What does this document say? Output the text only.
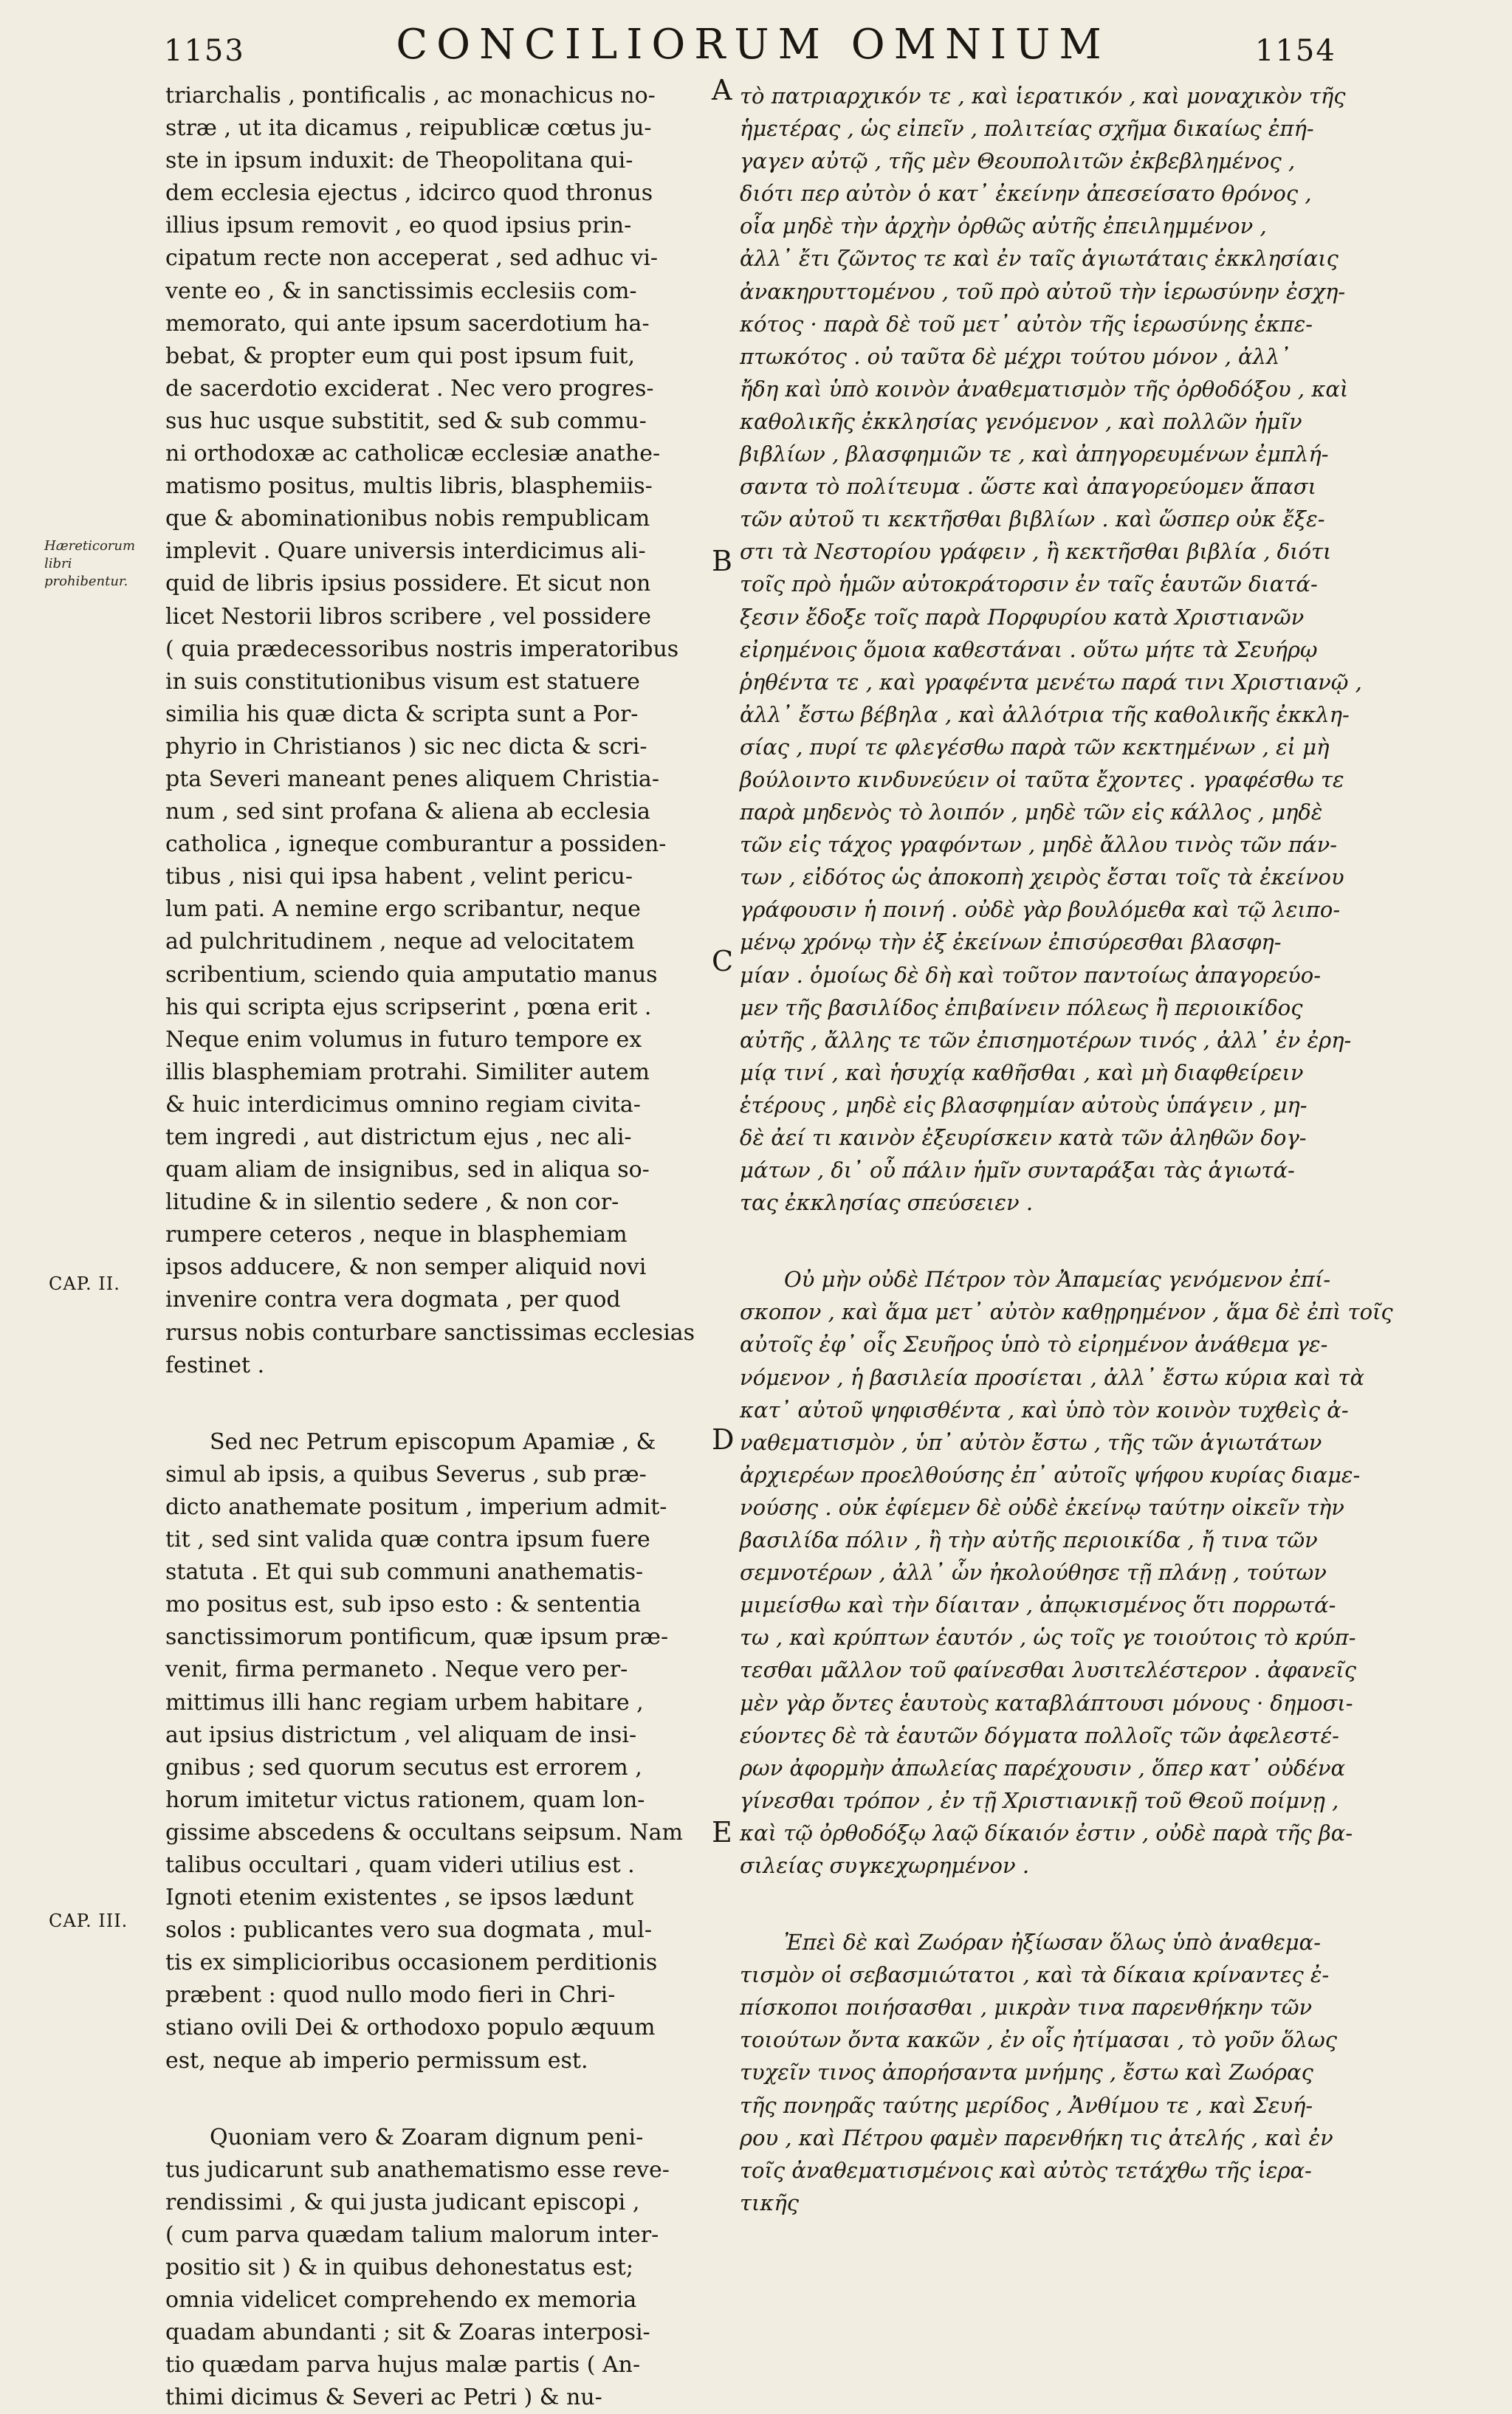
1153	CONCILIORUM OMNIUM	1154
Hæreticorum libri prohibentur.
CAP. II.
CAP. III.
A
B
C
D
E
triarchalis , pontificalis , ac monachicus no-
stræ , ut ita dicamus , reipublicæ cœtus ju-
ste in ipsum induxit: de Theopolitana qui-
dem ecclesia ejectus , idcirco quod thronus
illius ipsum removit , eo quod ipsius prin-
cipatum recte non acceperat , sed adhuc vi-
vente eo , & in sanctissimis ecclesiis com-
memorato, qui ante ipsum sacerdotium ha-
bebat, & propter eum qui post ipsum fuit,
de sacerdotio exciderat . Nec vero progres-
sus huc usque substitit, sed & sub commu-
ni orthodoxæ ac catholicæ ecclesiæ anathe-
matismo positus, multis libris, blasphemiis-
que & abominationibus nobis rempublicam
implevit . Quare universis interdicimus ali-
quid de libris ipsius possidere. Et sicut non
licet Nestorii libros scribere , vel possidere
( quia prædecessoribus nostris imperatoribus
in suis constitutionibus visum est statuere
similia his quæ dicta & scripta sunt a Por-
phyrio in Christianos ) sic nec dicta & scri-
pta Severi maneant penes aliquem Christia-
num , sed sint profana & aliena ab ecclesia
catholica , igneque comburantur a possiden-
tibus , nisi qui ipsa habent , velint pericu-
lum pati. A nemine ergo scribantur, neque
ad pulchritudinem , neque ad velocitatem
scribentium, sciendo quia amputatio manus
his qui scripta ejus scripserint , pœna erit .
Neque enim volumus in futuro tempore ex
illis blasphemiam protrahi. Similiter autem
& huic interdicimus omnino regiam civita-
tem ingredi , aut districtum ejus , nec ali-
quam aliam de insignibus, sed in aliqua so-
litudine & in silentio sedere , & non cor-
rumpere ceteros , neque in blasphemiam
ipsos adducere, & non semper aliquid novi
invenire contra vera dogmata , per quod
rursus nobis conturbare sanctissimas ecclesias
festinet .
Sed nec Petrum episcopum Apamiæ , &
simul ab ipsis, a quibus Severus , sub præ-
dicto anathemate positum , imperium admit-
tit , sed sint valida quæ contra ipsum fuere
statuta . Et qui sub communi anathematis-
mo positus est, sub ipso esto : & sententia
sanctissimorum pontificum, quæ ipsum præ-
venit, firma permaneto . Neque vero per-
mittimus illi hanc regiam urbem habitare ,
aut ipsius districtum , vel aliquam de insi-
gnibus ; sed quorum secutus est errorem ,
horum imitetur victus rationem, quam lon-
gissime abscedens & occultans seipsum. Nam
talibus occultari , quam videri utilius est .
Ignoti etenim existentes , se ipsos lædunt
solos : publicantes vero sua dogmata , mul-
tis ex simplicioribus occasionem perditionis
præbent : quod nullo modo fieri in Chri-
stiano ovili Dei & orthodoxo populo æquum
est, neque ab imperio permissum est.
Quoniam vero & Zoaram dignum peni-
tus judicarunt sub anathematismo esse reve-
rendissimi , & qui justa judicant episcopi ,
( cum parva quædam talium malorum inter-
positio sit ) & in quibus dehonestatus est;
omnia videlicet comprehendo ex memoria
quadam abundanti ; sit & Zoaras interposi-
tio quædam parva hujus malæ partis ( An-
thimi dicimus & Severi ac Petri ) & nu-
τὸ πατριαρχικόν τε , καὶ ἱερατικόν , καὶ μοναχικὸν τῆς
ἡμετέρας , ὡς εἰπεῖν , πολιτείας σχῆμα δικαίως ἐπή-
γαγεν αὐτῷ , τῆς μὲν Θεουπολιτῶν ἐκβεβλημένος ,
διότι περ αὐτὸν ὁ κατ᾽ ἐκείνην ἀπεσείσατο θρόνος ,
οἷα μηδὲ τὴν ἀρχὴν ὀρθῶς αὐτῆς ἐπειλημμένον ,
ἀλλ᾽ ἔτι ζῶντος τε καὶ ἐν ταῖς ἁγιωτάταις ἐκκλησίαις
ἀνακηρυττομένου , τοῦ πρὸ αὐτοῦ τὴν ἱερωσύνην ἐσχη-
κότος · παρὰ δὲ τοῦ μετ᾽ αὐτὸν τῆς ἱερωσύνης ἐκπε-
πτωκότος . οὐ ταῦτα δὲ μέχρι τούτου μόνον , ἀλλ᾽
ἤδη καὶ ὑπὸ κοινὸν ἀναθεματισμὸν τῆς ὀρθοδόξου , καὶ
καθολικῆς ἐκκλησίας γενόμενον , καὶ πολλῶν ἡμῖν
βιβλίων , βλασφημιῶν τε , καὶ ἀπηγορευμένων ἐμπλή-
σαντα τὸ πολίτευμα . ὥστε καὶ ἀπαγορεύομεν ἅπασι
τῶν αὐτοῦ τι κεκτῆσθαι βιβλίων . καὶ ὥσπερ οὐκ ἔξε-
στι τὰ Νεστορίου γράφειν , ἢ κεκτῆσθαι βιβλία , διότι
τοῖς πρὸ ἡμῶν αὐτοκράτορσιν ἐν ταῖς ἑαυτῶν διατά-
ξεσιν ἔδοξε τοῖς παρὰ Πορφυρίου κατὰ Χριστιανῶν
εἰρημένοις ὅμοια καθεστάναι . οὕτω μήτε τὰ Σευήρῳ
ῥηθέντα τε , καὶ γραφέντα μενέτω παρά τινι Χριστιανῷ ,
ἀλλ᾽ ἔστω βέβηλα , καὶ ἀλλότρια τῆς καθολικῆς ἐκκλη-
σίας , πυρί τε φλεγέσθω παρὰ τῶν κεκτημένων , εἰ μὴ
βούλοιντο κινδυνεύειν οἱ ταῦτα ἔχοντες . γραφέσθω τε
παρὰ μηδενὸς τὸ λοιπόν , μηδὲ τῶν εἰς κάλλος , μηδὲ
τῶν εἰς τάχος γραφόντων , μηδὲ ἄλλου τινὸς τῶν πάν-
των , εἰδότος ὡς ἀποκοπὴ χειρὸς ἔσται τοῖς τὰ ἐκείνου
γράφουσιν ἡ ποινή . οὐδὲ γὰρ βουλόμεθα καὶ τῷ λειπο-
μένῳ χρόνῳ τὴν ἐξ ἐκείνων ἐπισύρεσθαι βλασφη-
μίαν . ὁμοίως δὲ δὴ καὶ τοῦτον παντοίως ἀπαγορεύο-
μεν τῆς βασιλίδος ἐπιβαίνειν πόλεως ἢ περιοικίδος
αὐτῆς , ἄλλης τε τῶν ἐπισημοτέρων τινός , ἀλλ᾽ ἐν ἐρη-
μίᾳ τινί , καὶ ἡσυχίᾳ καθῆσθαι , καὶ μὴ διαφθείρειν
ἑτέρους , μηδὲ εἰς βλασφημίαν αὐτοὺς ὑπάγειν , μη-
δὲ ἀεί τι καινὸν ἐξευρίσκειν κατὰ τῶν ἀληθῶν δογ-
μάτων , δι᾽ οὗ πάλιν ἡμῖν συνταράξαι τὰς ἁγιωτά-
τας ἐκκλησίας σπεύσειεν .
Οὐ μὴν οὐδὲ Πέτρον τὸν Ἀπαμείας γενόμενον ἐπί-
σκοπον , καὶ ἅμα μετ᾽ αὐτὸν καθῃρημένον , ἅμα δὲ ἐπὶ τοῖς
αὐτοῖς ἐφ᾽ οἷς Σευῆρος ὑπὸ τὸ εἰρημένον ἀνάθεμα γε-
νόμενον , ἡ βασιλεία προσίεται , ἀλλ᾽ ἔστω κύρια καὶ τὰ
κατ᾽ αὐτοῦ ψηφισθέντα , καὶ ὑπὸ τὸν κοινὸν τυχθεὶς ἀ-
ναθεματισμὸν , ὑπ᾽ αὐτὸν ἔστω , τῆς τῶν ἁγιωτάτων
ἀρχιερέων προελθούσης ἐπ᾽ αὐτοῖς ψήφου κυρίας διαμε-
νούσης . οὐκ ἐφίεμεν δὲ οὐδὲ ἐκείνῳ ταύτην οἰκεῖν τὴν
βασιλίδα πόλιν , ἢ τὴν αὐτῆς περιοικίδα , ἤ τινα τῶν
σεμνοτέρων , ἀλλ᾽ ὧν ἠκολούθησε τῇ πλάνῃ , τούτων
μιμείσθω καὶ τὴν δίαιταν , ἀπῳκισμένος ὅτι πορρωτά-
τω , καὶ κρύπτων ἑαυτόν , ὡς τοῖς γε τοιούτοις τὸ κρύπ-
τεσθαι μᾶλλον τοῦ φαίνεσθαι λυσιτελέστερον . ἀφανεῖς
μὲν γὰρ ὄντες ἑαυτοὺς καταβλάπτουσι μόνους · δημοσι-
εύοντες δὲ τὰ ἑαυτῶν δόγματα πολλοῖς τῶν ἀφελεστέ-
ρων ἀφορμὴν ἀπωλείας παρέχουσιν , ὅπερ κατ᾽ οὐδένα
γίνεσθαι τρόπον , ἐν τῇ Χριστιανικῇ τοῦ Θεοῦ ποίμνῃ ,
καὶ τῷ ὀρθοδόξῳ λαῷ δίκαιόν ἐστιν , οὐδὲ παρὰ τῆς βα-
σιλείας συγκεχωρημένον .
Ἐπεὶ δὲ καὶ Ζωόραν ἠξίωσαν ὅλως ὑπὸ ἀναθεμα-
τισμὸν οἱ σεβασμιώτατοι , καὶ τὰ δίκαια κρίναντες ἐ-
πίσκοποι ποιήσασθαι , μικρὰν τινα παρενθήκην τῶν
τοιούτων ὄντα κακῶν , ἐν οἷς ἠτίμασαι , τὸ γοῦν ὅλως
τυχεῖν τινος ἀπορήσαντα μνήμης , ἔστω καὶ Ζωόρας
τῆς πονηρᾶς ταύτης μερίδος , Ἀνθίμου τε , καὶ Σευή-
ρου , καὶ Πέτρου φαμὲν παρενθήκη τις ἀτελής , καὶ ἐν
τοῖς ἀναθεματισμένοις καὶ αὐτὸς τετάχθω τῆς ἱερα-
τικῆς
